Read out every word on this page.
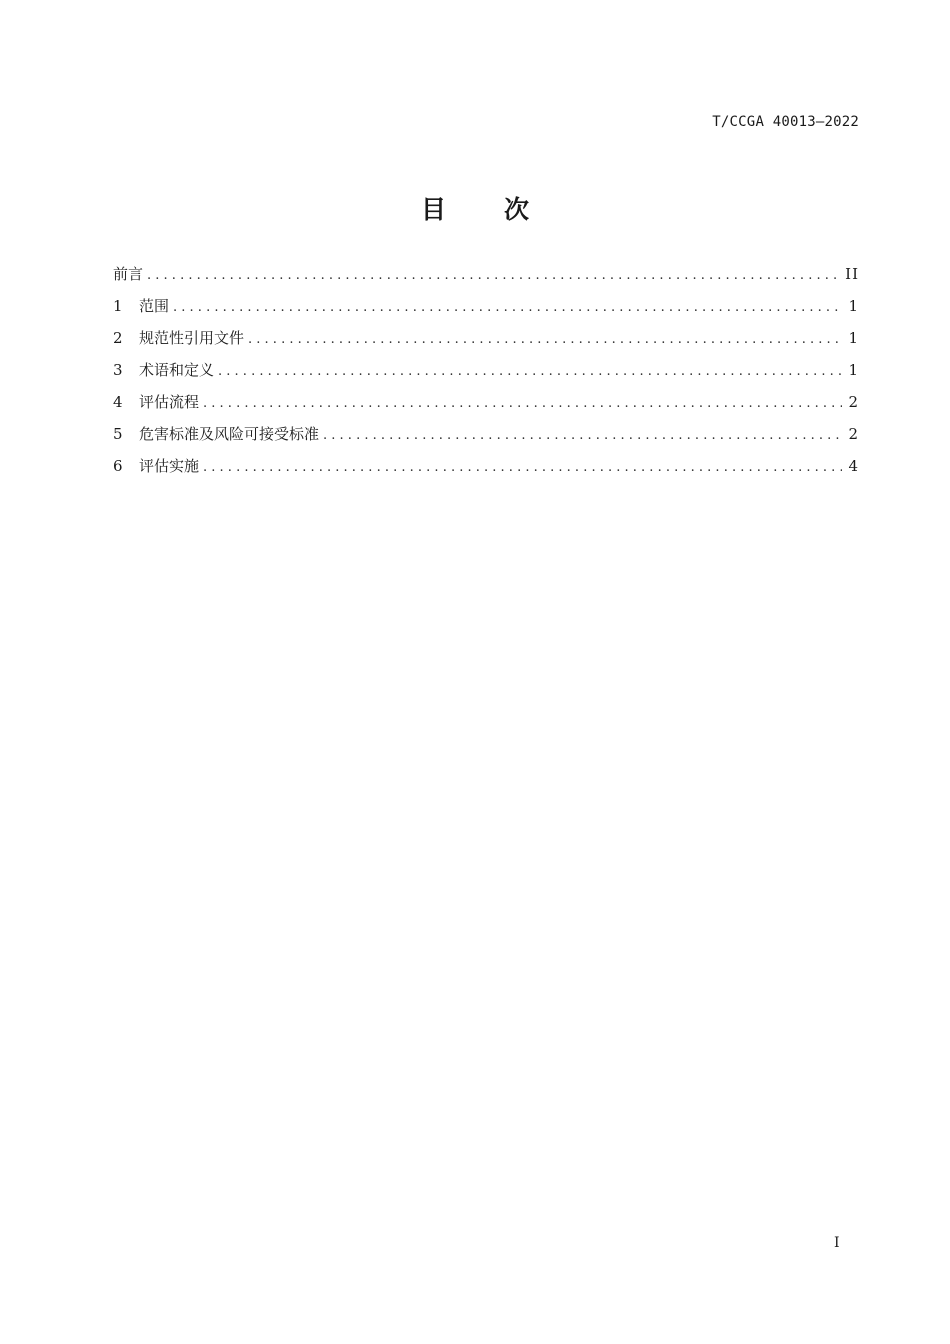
T/CCGA 40013—2022
目 次
前言 . . .	II
1	范围 . . .	1
2	规范性引用文件 . . .	1
3	术语和定义 . . .	1
4	评估流程 . . .	2
5	危害标准及风险可接受标准 . . .	2
6	评估实施 . . .	4
I
